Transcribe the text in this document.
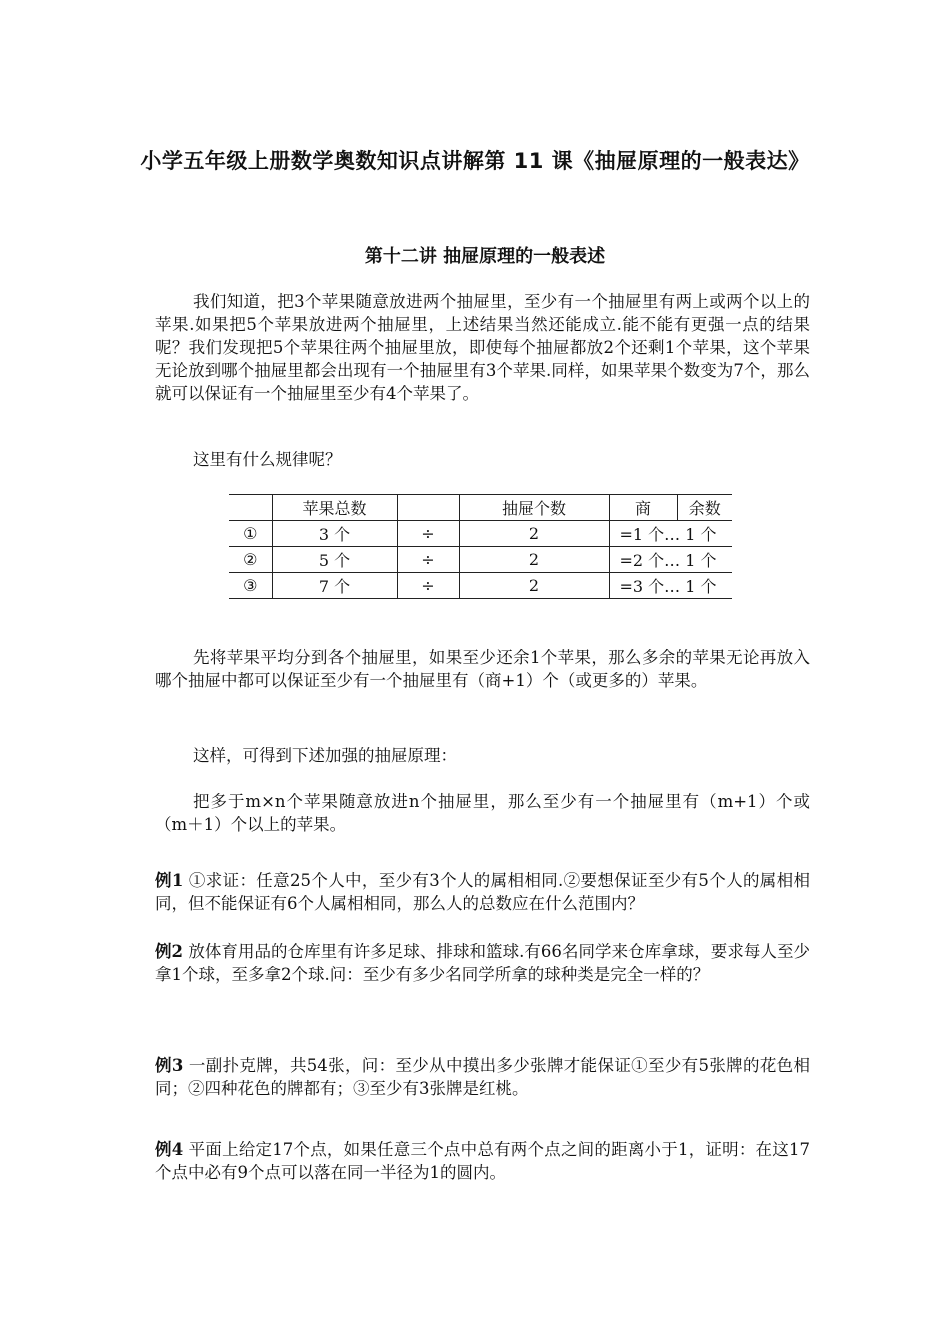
小学五年级上册数学奥数知识点讲解第 11 课《抽屉原理的一般表达》
第十二讲 抽屉原理的一般表述

我们知道，把3个苹果随意放进两个抽屉里，至少有一个抽屉里有两上或两个以上的苹果.如果把5个苹果放进两个抽屉里，上述结果当然还能成立.能不能有更强一点的结果呢？我们发现把5个苹果往两个抽屉里放，即使每个抽屉都放2个还剩1个苹果，这个苹果无论放到哪个抽屉里都会出现有一个抽屉里有3个苹果.同样，如果苹果个数变为7个，那么就可以保证有一个抽屉里至少有4个苹果了。

这里有什么规律呢？

	苹果总数		抽屉个数	商	余数
①	3 个	÷	2	=1 个… 1 个	
②	5 个	÷	2	=2 个… 1 个	
③	7 个	÷	2	=3 个… 1 个	

先将苹果平均分到各个抽屉里，如果至少还余1个苹果，那么多余的苹果无论再放入哪个抽屉中都可以保证至少有一个抽屉里有（商+1）个（或更多的）苹果。

这样，可得到下述加强的抽屉原理：

把多于m×n个苹果随意放进n个抽屉里，那么至少有一个抽屉里有（m+1）个或（m＋1）个以上的苹果。

例1 ①求证：任意25个人中，至少有3个人的属相相同.②要想保证至少有5个人的属相相同，但不能保证有6个人属相相同，那么人的总数应在什么范围内？

例2 放体育用品的仓库里有许多足球、排球和篮球.有66名同学来仓库拿球，要求每人至少拿1个球，至多拿2个球.问：至少有多少名同学所拿的球种类是完全一样的？

例3 一副扑克牌，共54张，问：至少从中摸出多少张牌才能保证①至少有5张牌的花色相同；②四种花色的牌都有；③至少有3张牌是红桃。

例4 平面上给定17个点，如果任意三个点中总有两个点之间的距离小于1，证明：在这17个点中必有9个点可以落在同一半径为1的圆内。
